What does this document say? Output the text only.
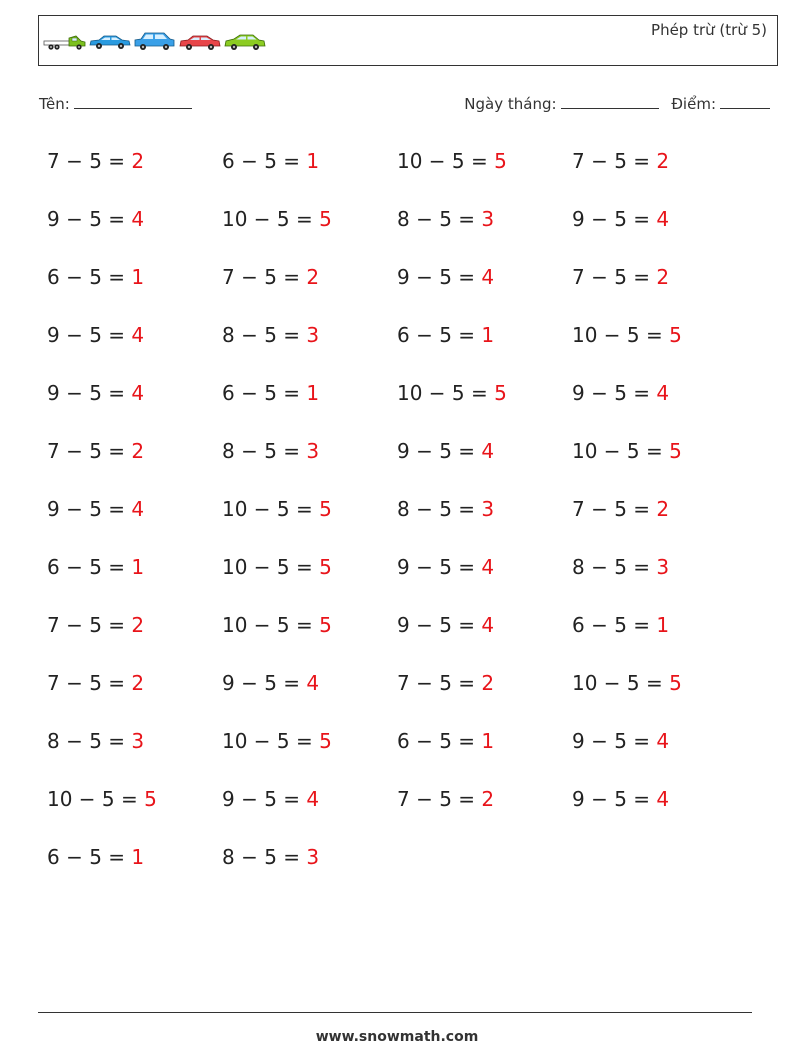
Phép trừ (trừ 5)
Tên:	Ngày tháng:	Điểm:
7 − 5 = 2	6 − 5 = 1	10 − 5 = 5	7 − 5 = 2
9 − 5 = 4	10 − 5 = 5	8 − 5 = 3	9 − 5 = 4
6 − 5 = 1	7 − 5 = 2	9 − 5 = 4	7 − 5 = 2
9 − 5 = 4	8 − 5 = 3	6 − 5 = 1	10 − 5 = 5
9 − 5 = 4	6 − 5 = 1	10 − 5 = 5	9 − 5 = 4
7 − 5 = 2	8 − 5 = 3	9 − 5 = 4	10 − 5 = 5
9 − 5 = 4	10 − 5 = 5	8 − 5 = 3	7 − 5 = 2
6 − 5 = 1	10 − 5 = 5	9 − 5 = 4	8 − 5 = 3
7 − 5 = 2	10 − 5 = 5	9 − 5 = 4	6 − 5 = 1
7 − 5 = 2	9 − 5 = 4	7 − 5 = 2	10 − 5 = 5
8 − 5 = 3	10 − 5 = 5	6 − 5 = 1	9 − 5 = 4
10 − 5 = 5	9 − 5 = 4	7 − 5 = 2	9 − 5 = 4
6 − 5 = 1	8 − 5 = 3
www.snowmath.com
